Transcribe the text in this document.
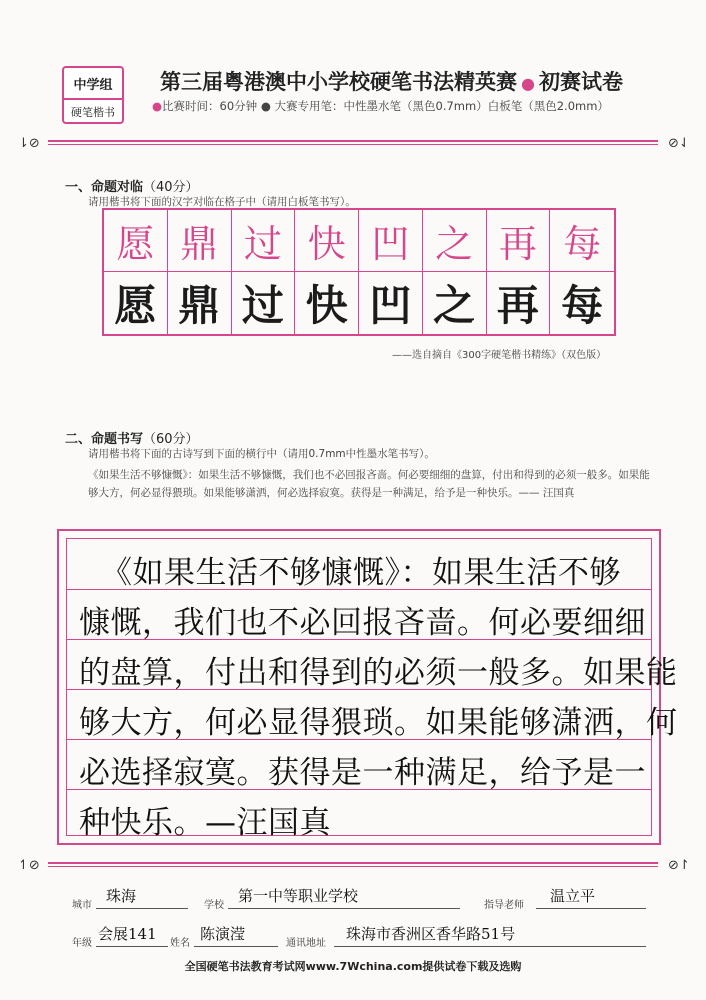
中学组
硬笔楷书
第三届粤港澳中小学校硬笔书法精英赛 ● 初赛试卷
●比赛时间：60分钟 ● 大赛专用笔：中性墨水笔（黑色0.7mm）白板笔（黑色2.0mm）
⇂⊘	⊘⇃
一、命题对临（40分）
请用楷书将下面的汉字对临在格子中（请用白板笔书写）。
愿 鼎 过 快 凹 之 再 每
愿 鼎 过 快 凹 之 再 每
——选自摘自《300字硬笔楷书精练》（双色版）
二、命题书写（60分）
请用楷书将下面的古诗写到下面的横行中（请用0.7mm中性墨水笔书写）。
《如果生活不够慷慨》：如果生活不够慷慨，我们也不必回报吝啬。何必要细细的盘算，付出和得到的必须一般多。如果能够大方，何必显得猥琐。如果能够潇洒，何必选择寂寞。获得是一种满足，给予是一种快乐。—— 汪国真
《如果生活不够慷慨》：如果生活不够
慷慨，我们也不必回报吝啬。何必要细细
的盘算，付出和得到的必须一般多。如果能
够大方，何必显得猥琐。如果能够潇洒，何
必选择寂寞。获得是一种满足，给予是一
种快乐。—汪国真
↿⊘	⊘↾
城市
珠海
学校
第一中等职业学校
指导老师
温立平
年级
会展141
姓名
陈演滢
通讯地址
珠海市香洲区香华路51号
全国硬笔书法教育考试网www.7Wchina.com提供试卷下载及选购
